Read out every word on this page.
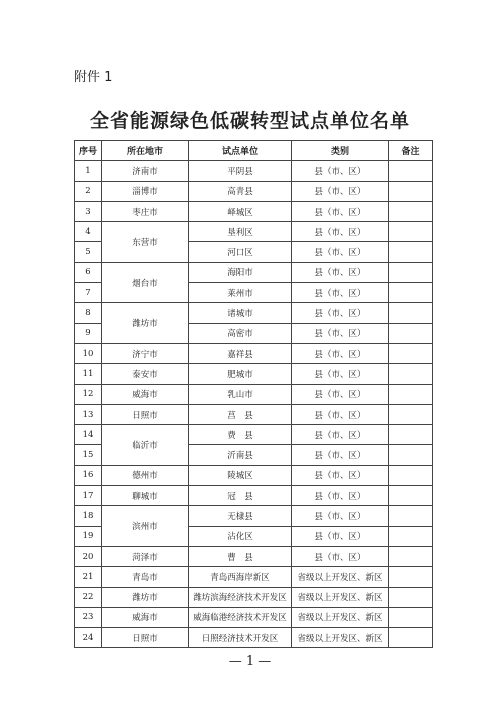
附件 1
全省能源绿色低碳转型试点单位名单
序号	所在地市	试点单位	类别	备注
1	济南市	平阴县	县（市、区）	
2	淄博市	高青县	县（市、区）	
3	枣庄市	峄城区	县（市、区）	
4	东营市	垦利区	县（市、区）	
5		河口区	县（市、区）	
6	烟台市	海阳市	县（市、区）	
7		莱州市	县（市、区）	
8	潍坊市	诸城市	县（市、区）	
9		高密市	县（市、区）	
10	济宁市	嘉祥县	县（市、区）	
11	泰安市	肥城市	县（市、区）	
12	威海市	乳山市	县（市、区）	
13	日照市	莒　县	县（市、区）	
14	临沂市	费　县	县（市、区）	
15		沂南县	县（市、区）	
16	德州市	陵城区	县（市、区）	
17	聊城市	冠　县	县（市、区）	
18	滨州市	无棣县	县（市、区）	
19		沾化区	县（市、区）	
20	菏泽市	曹　县	县（市、区）	
21	青岛市	青岛西海岸新区	省级以上开发区、新区	
22	潍坊市	潍坊滨海经济技术开发区	省级以上开发区、新区	
23	威海市	威海临港经济技术开发区	省级以上开发区、新区	
24	日照市	日照经济技术开发区	省级以上开发区、新区	
— 1 —
